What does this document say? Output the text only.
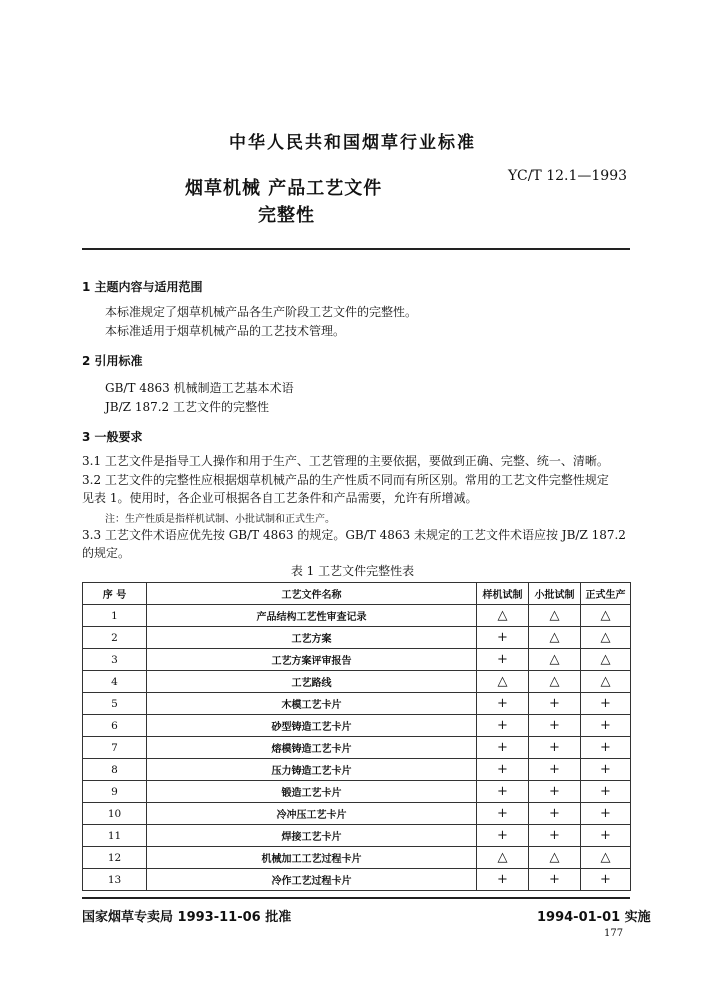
中华人民共和国烟草行业标准
YC/T 12.1—1993
烟草机械 产品工艺文件
完整性
1 主题内容与适用范围
本标准规定了烟草机械产品各生产阶段工艺文件的完整性。
本标准适用于烟草机械产品的工艺技术管理。
2 引用标准
GB/T 4863 机械制造工艺基本术语
JB/Z 187.2 工艺文件的完整性
3 一般要求
3.1 工艺文件是指导工人操作和用于生产、工艺管理的主要依据，要做到正确、完整、统一、清晰。
3.2 工艺文件的完整性应根据烟草机械产品的生产性质不同而有所区别。常用的工艺文件完整性规定
见表 1。使用时，各企业可根据各自工艺条件和产品需要，允许有所增减。
注：生产性质是指样机试制、小批试制和正式生产。
3.3 工艺文件术语应优先按 GB/T 4863 的规定。GB/T 4863 未规定的工艺文件术语应按 JB/Z 187.2
的规定。
表 1 工艺文件完整性表
序 号	工艺文件名称	样机试制	小批试制	正式生产
1	产品结构工艺性审查记录	△	△	△
2	工艺方案	+	△	△
3	工艺方案评审报告	+	△	△
4	工艺路线	△	△	△
5	木模工艺卡片	+	+	+
6	砂型铸造工艺卡片	+	+	+
7	熔模铸造工艺卡片	+	+	+
8	压力铸造工艺卡片	+	+	+
9	锻造工艺卡片	+	+	+
10	冷冲压工艺卡片	+	+	+
11	焊接工艺卡片	+	+	+
12	机械加工工艺过程卡片	△	△	△
13	冷作工艺过程卡片	+	+	+
国家烟草专卖局 1993-11-06 批准	1994-01-01 实施
177
